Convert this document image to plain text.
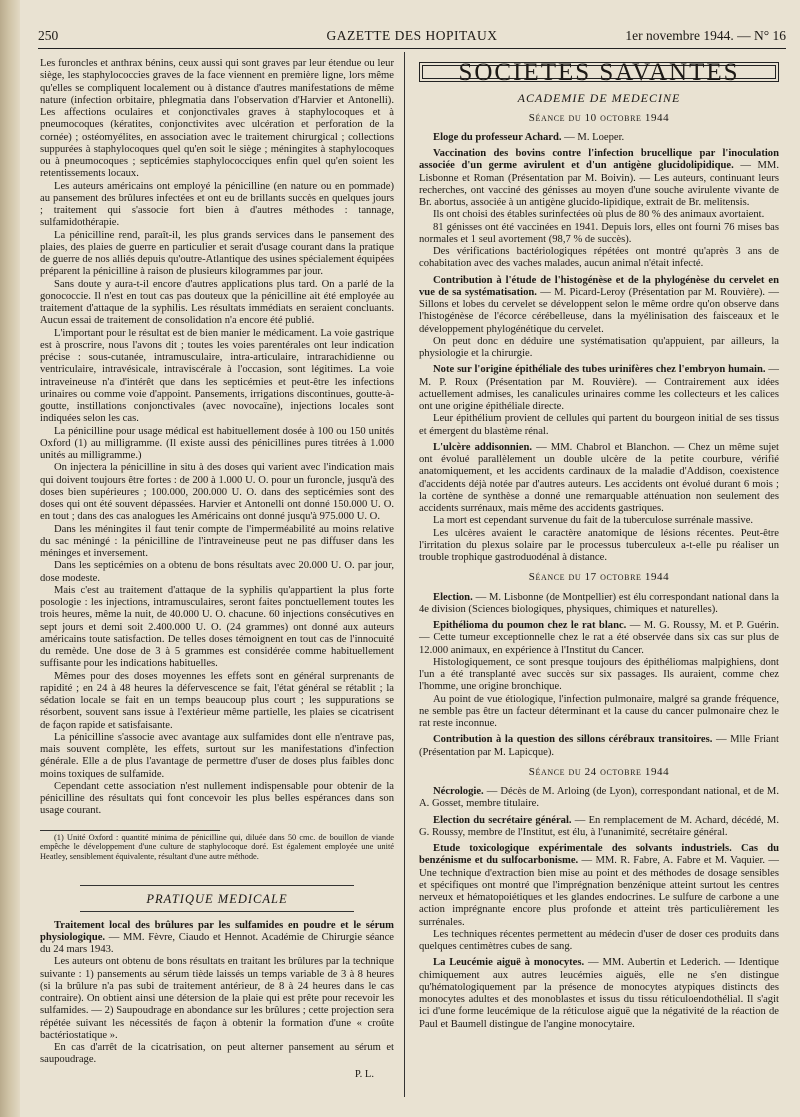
250	GAZETTE DES HOPITAUX	1er novembre 1944. — N° 16

Les furoncles et anthrax bénins, ceux aussi qui sont graves par leur étendue ou leur siège, les staphylococcies graves de la face viennent en première ligne, lors même qu'elles se compliquent localement ou à distance d'autres manifestations de même nature (infection orbitaire, phlegmatia dans l'observation d'Harvier et Antonelli). Les affections oculaires et conjonctivales graves à staphylocoques et à pneumocoques (kératites, conjonctivites avec ulcération et perforation de la cornée) ; ostéomyélites, en association avec le traitement chirurgical ; collections suppurées à staphylocoques quel qu'en soit le siège ; méningites à staphylocoques ou à pneumocoques ; septicémies staphylococciques enfin quel qu'en soient les retentissements locaux.

Les auteurs américains ont employé la pénicilline (en nature ou en pommade) au pansement des brûlures infectées et ont eu de brillants succès en quelques jours ; traitement qui s'associe fort bien à d'autres méthodes : tannage, sulfamidothérapie.

La pénicilline rend, paraît-il, les plus grands services dans le pansement des plaies, des plaies de guerre en particulier et serait d'usage courant dans la pratique de guerre de nos alliés depuis qu'outre-Atlantique des usines spécialement équipées préparent la pénicilline à raison de plusieurs kilogrammes par jour.

Sans doute y aura-t-il encore d'autres applications plus tard. On a parlé de la gonococcie. Il n'est en tout cas pas douteux que la pénicilline ait été employée au traitement d'attaque de la syphilis. Les résultats immédiats en seraient concluants. Aucun essai de traitement de consolidation n'a encore été publié.

L'important pour le résultat est de bien manier le médicament. La voie gastrique est à proscrire, nous l'avons dit ; toutes les voies parentérales ont leur indication précise : sous-cutanée, intramusculaire, intra-articulaire, intrarachidienne ou ventriculaire, intravésicale, intraviscérale à l'occasion, sont légitimes. La voie intraveineuse n'a d'intérêt que dans les septicémies et peut-être les infections urinaires ou comme voie d'appoint. Pansements, irrigations discontinues, goutte-à-goutte, instillations conjonctivales (avec novocaïne), injections locales sont indiquées selon les cas.

La pénicilline pour usage médical est habituellement dosée à 100 ou 150 unités Oxford (1) au milligramme. (Il existe aussi des pénicillines pures titrées à 1.000 unités au milligramme.)

On injectera la pénicilline in situ à des doses qui varient avec l'indication mais qui doivent toujours être fortes : de 200 à 1.000 U. O. pour un furoncle, jusqu'à des doses bien supérieures ; 100.000, 200.000 U. O. dans des septicémies sont des doses qui ont été souvent dépassées. Harvier et Antonelli ont donné 150.000 U. O. en tout ; dans des cas analogues les Américains ont donné jusqu'à 975.000 U. O.

Dans les méningites il faut tenir compte de l'imperméabilité au moins relative du sac méningé : la pénicilline de l'intraveineuse peut ne pas diffuser dans les méninges et inversement.

Dans les septicémies on a obtenu de bons résultats avec 20.000 U. O. par jour, dose modeste.

Mais c'est au traitement d'attaque de la syphilis qu'appartient la plus forte posologie : les injections, intramusculaires, seront faites ponctuellement toutes les trois heures, même la nuit, de 40.000 U. O. chacune. 60 injections consécutives en sept jours et demi soit 2.400.000 U. O. (24 grammes) ont donné aux auteurs américains toute satisfaction. De telles doses témoignent en tout cas de l'innocuité du remède. Une dose de 3 à 5 grammes est considérée comme habituellement suffisante pour les indications habituelles.

Mêmes pour des doses moyennes les effets sont en général surprenants de rapidité ; en 24 à 48 heures la défervescence se fait, l'état général se rétablit ; la sédation locale se fait en un temps beaucoup plus court ; les suppurations se résorbent, souvent sans issue à l'extérieur même partielle, les plaies se cicatrisent de façon rapide et satisfaisante.

La pénicilline s'associe avec avantage aux sulfamides dont elle n'entrave pas, mais souvent complète, les effets, surtout sur les manifestations d'infection générale. Elle a de plus l'avantage de permettre d'user de doses plus faibles donc moins toxiques de sulfamide.

Cependant cette association n'est nullement indispensable pour obtenir de la pénicilline des résultats qui font concevoir les plus belles espérances dans son usage courant.

(1) Unité Oxford : quantité minima de pénicilline qui, diluée dans 50 cmc. de bouillon de viande empêche le développement d'une culture de staphylocoque doré. Est également employée une unité Heatley, sensiblement équivalente, résultant d'une autre méthode.

PRATIQUE MEDICALE

Traitement local des brûlures par les sulfamides en poudre et le sérum physiologique. — MM. Fèvre, Ciaudo et Hennot. Académie de Chirurgie séance du 24 mars 1943.

Les auteurs ont obtenu de bons résultats en traitant les brûlures par la technique suivante : 1) pansements au sérum tiède laissés un temps variable de 3 à 8 heures (si la brûlure n'a pas subi de traitement antérieur, de 8 à 24 heures dans le cas contraire). On obtient ainsi une détersion de la plaie qui est prête pour recevoir les sulfamides. — 2) Saupoudrage en abondance sur les brûlures ; cette projection sera répétée suivant les nécessités de façon à obtenir la formation d'une « croûte bactériostatique ».

En cas d'arrêt de la cicatrisation, on peut alterner pansement au sérum et saupoudrage.

P. L.
SOCIETES SAVANTES
ACADEMIE DE MEDECINE
Séance du 10 octobre 1944

Eloge du professeur Achard. — M. Loeper.

Vaccination des bovins contre l'infection brucellique par l'inoculation associée d'un germe avirulent et d'un antigène glucidolipidique. — MM. Lisbonne et Roman (Présentation par M. Boivin). — Les auteurs, continuant leurs recherches, ont vacciné des génisses au moyen d'une souche avirulente vivante de Br. abortus, associée à un antigène glucido-lipidique, extrait de Br. melitensis.

Ils ont choisi des étables surinfectées où plus de 80 % des animaux avortaient.

81 génisses ont été vaccinées en 1941. Depuis lors, elles ont fourni 76 mises bas normales et 1 seul avortement (98,7 % de succès).

Des vérifications bactériologiques répétées ont montré qu'après 3 ans de cohabitation avec des vaches malades, aucun animal n'était infecté.

Contribution à l'étude de l'histogénèse et de la phylogénèse du cervelet en vue de sa systématisation. — M. Picard-Leroy (Présentation par M. Rouvière). — Sillons et lobes du cervelet se développent selon le même ordre qu'on observe dans l'histogénèse de l'écorce cérébelleuse, dans la myélinisation des faisceaux et le développement phylogénétique du cervelet.

On peut donc en déduire une systématisation qu'appuient, par ailleurs, la physiologie et la chirurgie.

Note sur l'origine épithéliale des tubes urinifères chez l'embryon humain. — M. P. Roux (Présentation par M. Rouvière). — Contrairement aux idées actuellement admises, les canalicules urinaires comme les collecteurs et les calices ont une origine épithéliale directe.

Leur épithélium provient de cellules qui partent du bourgeon initial de ses tissus et émergent du blastème rénal.

L'ulcère addisonnien. — MM. Chabrol et Blanchon. — Chez un même sujet ont évolué parallèlement un double ulcère de la petite courbure, vérifié anatomiquement, et les accidents cardinaux de la maladie d'Addison, coexistence d'accidents déjà notée par d'autres auteurs. Les accidents ont évolué durant 6 mois ; la cortène de synthèse a donné une remarquable atténuation non seulement des accidents surrénaux, mais même des accidents gastriques.

La mort est cependant survenue du fait de la tuberculose surrénale massive.

Les ulcères avaient le caractère anatomique de lésions récentes. Peut-être l'irritation du plexus solaire par le processus tuberculeux a-t-elle pu réaliser un trouble trophique gastroduodénal à distance.

Séance du 17 octobre 1944

Election. — M. Lisbonne (de Montpellier) est élu correspondant national dans la 4e division (Sciences biologiques, physiques, chimiques et naturelles).

Epithélioma du poumon chez le rat blanc. — M. G. Roussy, M. et P. Guérin. — Cette tumeur exceptionnelle chez le rat a été observée dans six cas sur plus de 12.000 animaux, en expérience à l'Institut du Cancer.

Histologiquement, ce sont presque toujours des épithéliomas malpighiens, dont l'un a été transplanté avec succès sur six passages. Ils auraient, comme chez l'homme, une origine bronchique.

Au point de vue étiologique, l'infection pulmonaire, malgré sa grande fréquence, ne semble pas être un facteur déterminant et la cause du cancer pulmonaire chez le rat reste inconnue.

Contribution à la question des sillons cérébraux transitoires. — Mlle Friant (Présentation par M. Lapicque).

Séance du 24 octobre 1944

Nécrologie. — Décès de M. Arloing (de Lyon), correspondant national, et de M. A. Gosset, membre titulaire.

Election du secrétaire général. — En remplacement de M. Achard, décédé, M. G. Roussy, membre de l'Institut, est élu, à l'unanimité, secrétaire général.

Etude toxicologique expérimentale des solvants industriels. Cas du benzénisme et du sulfocarbonisme. — MM. R. Fabre, A. Fabre et M. Vaquier. — Une technique d'extraction bien mise au point et des méthodes de dosage sensibles et spécifiques ont montré que l'imprégnation benzénique atteint surtout les centres nerveux et hématopoiétiques et les glandes endocrines. Le sulfure de carbone a une action imprégnante encore plus profonde et atteint très particulièrement les surrénales.

Les techniques récentes permettent au médecin d'user de doser ces produits dans quelques centimètres cubes de sang.

La Leucémie aiguë à monocytes. — MM. Aubertin et Lederich. — Identique chimiquement aux autres leucémies aiguës, elle ne s'en distingue qu'hématologiquement par la présence de monocytes atypiques distincts des monocytes adultes et des monoblastes et issus du tissu réticuloendothélial. Il s'agit ici d'une forme leucémique de la réticulose aiguë que la négativité de la réaction de Paul et Baumell distingue de l'angine monocytaire.
